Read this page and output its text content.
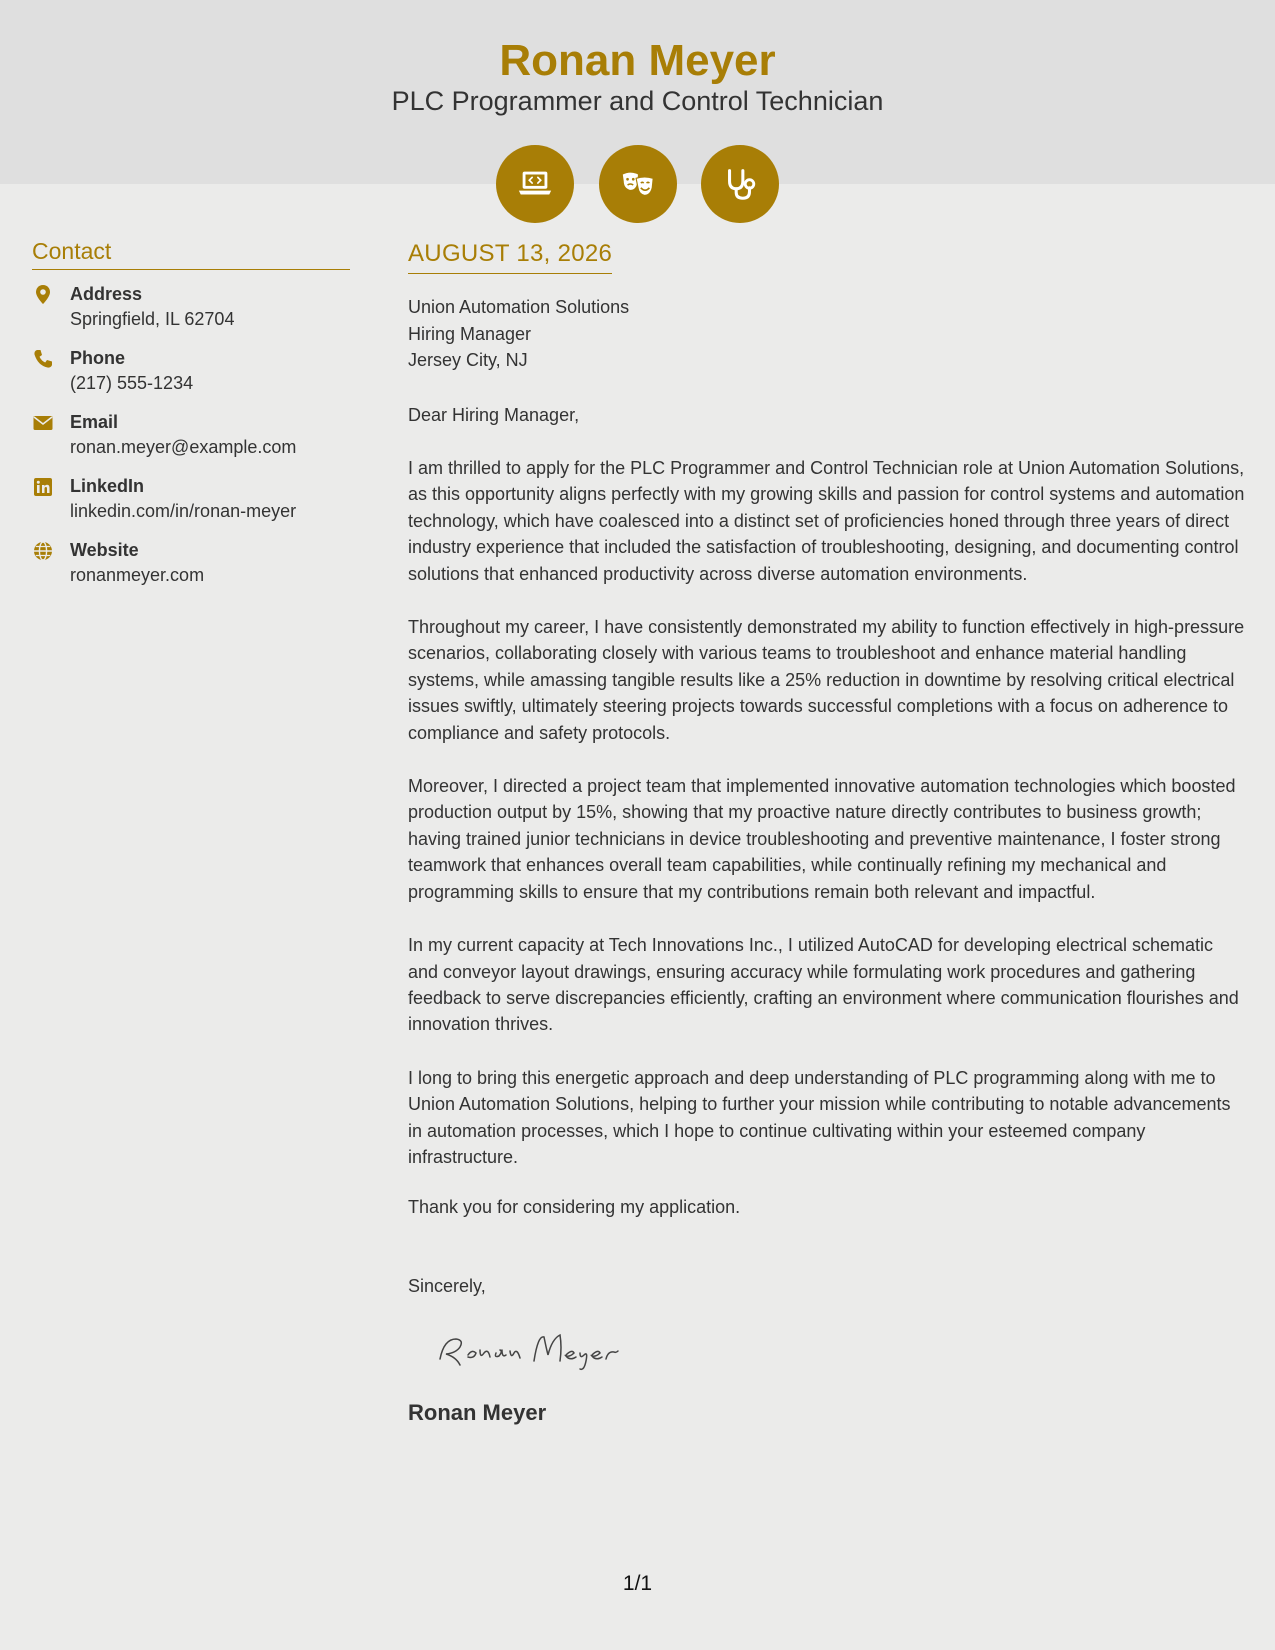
Ronan Meyer
PLC Programmer and Control Technician
Contact
Address
Springfield, IL 62704
Phone
(217) 555-1234
Email
ronan.meyer@example.com
LinkedIn
linkedin.com/in/ronan-meyer
Website
ronanmeyer.com
AUGUST 13, 2026
Union Automation Solutions
Hiring Manager
Jersey City, NJ
Dear Hiring Manager,
I am thrilled to apply for the PLC Programmer and Control Technician role at Union Automation Solutions, as this opportunity aligns perfectly with my growing skills and passion for control systems and automation technology, which have coalesced into a distinct set of proficiencies honed through three years of direct industry experience that included the satisfaction of troubleshooting, designing, and documenting control solutions that enhanced productivity across diverse automation environments.
Throughout my career, I have consistently demonstrated my ability to function effectively in high-pressure scenarios, collaborating closely with various teams to troubleshoot and enhance material handling systems, while amassing tangible results like a 25% reduction in downtime by resolving critical electrical issues swiftly, ultimately steering projects towards successful completions with a focus on adherence to compliance and safety protocols.
Moreover, I directed a project team that implemented innovative automation technologies which boosted production output by 15%, showing that my proactive nature directly contributes to business growth; having trained junior technicians in device troubleshooting and preventive maintenance, I foster strong teamwork that enhances overall team capabilities, while continually refining my mechanical and programming skills to ensure that my contributions remain both relevant and impactful.
In my current capacity at Tech Innovations Inc., I utilized AutoCAD for developing electrical schematic and conveyor layout drawings, ensuring accuracy while formulating work procedures and gathering feedback to serve discrepancies efficiently, crafting an environment where communication flourishes and innovation thrives.
I long to bring this energetic approach and deep understanding of PLC programming along with me to Union Automation Solutions, helping to further your mission while contributing to notable advancements in automation processes, which I hope to continue cultivating within your esteemed company infrastructure.
Thank you for considering my application.
Sincerely,
Ronan Meyer
1/1
